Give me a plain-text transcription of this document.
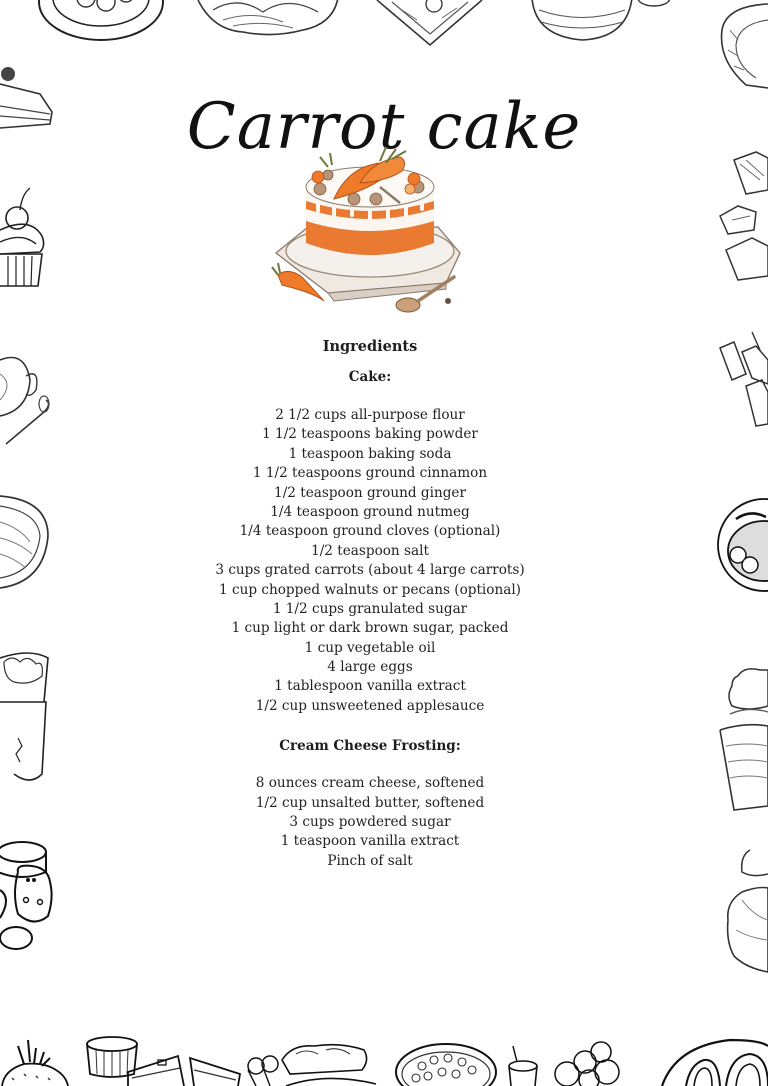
Carrot cake
Ingredients
Cake:
2 1/2 cups all-purpose flour
1 1/2 teaspoons baking powder
1 teaspoon baking soda
1 1/2 teaspoons ground cinnamon
1/2 teaspoon ground ginger
1/4 teaspoon ground nutmeg
1/4 teaspoon ground cloves (optional)
1/2 teaspoon salt
3 cups grated carrots (about 4 large carrots)
1 cup chopped walnuts or pecans (optional)
1 1/2 cups granulated sugar
1 cup light or dark brown sugar, packed
1 cup vegetable oil
4 large eggs
1 tablespoon vanilla extract
1/2 cup unsweetened applesauce
Cream Cheese Frosting:
8 ounces cream cheese, softened
1/2 cup unsalted butter, softened
3 cups powdered sugar
1 teaspoon vanilla extract
Pinch of salt
